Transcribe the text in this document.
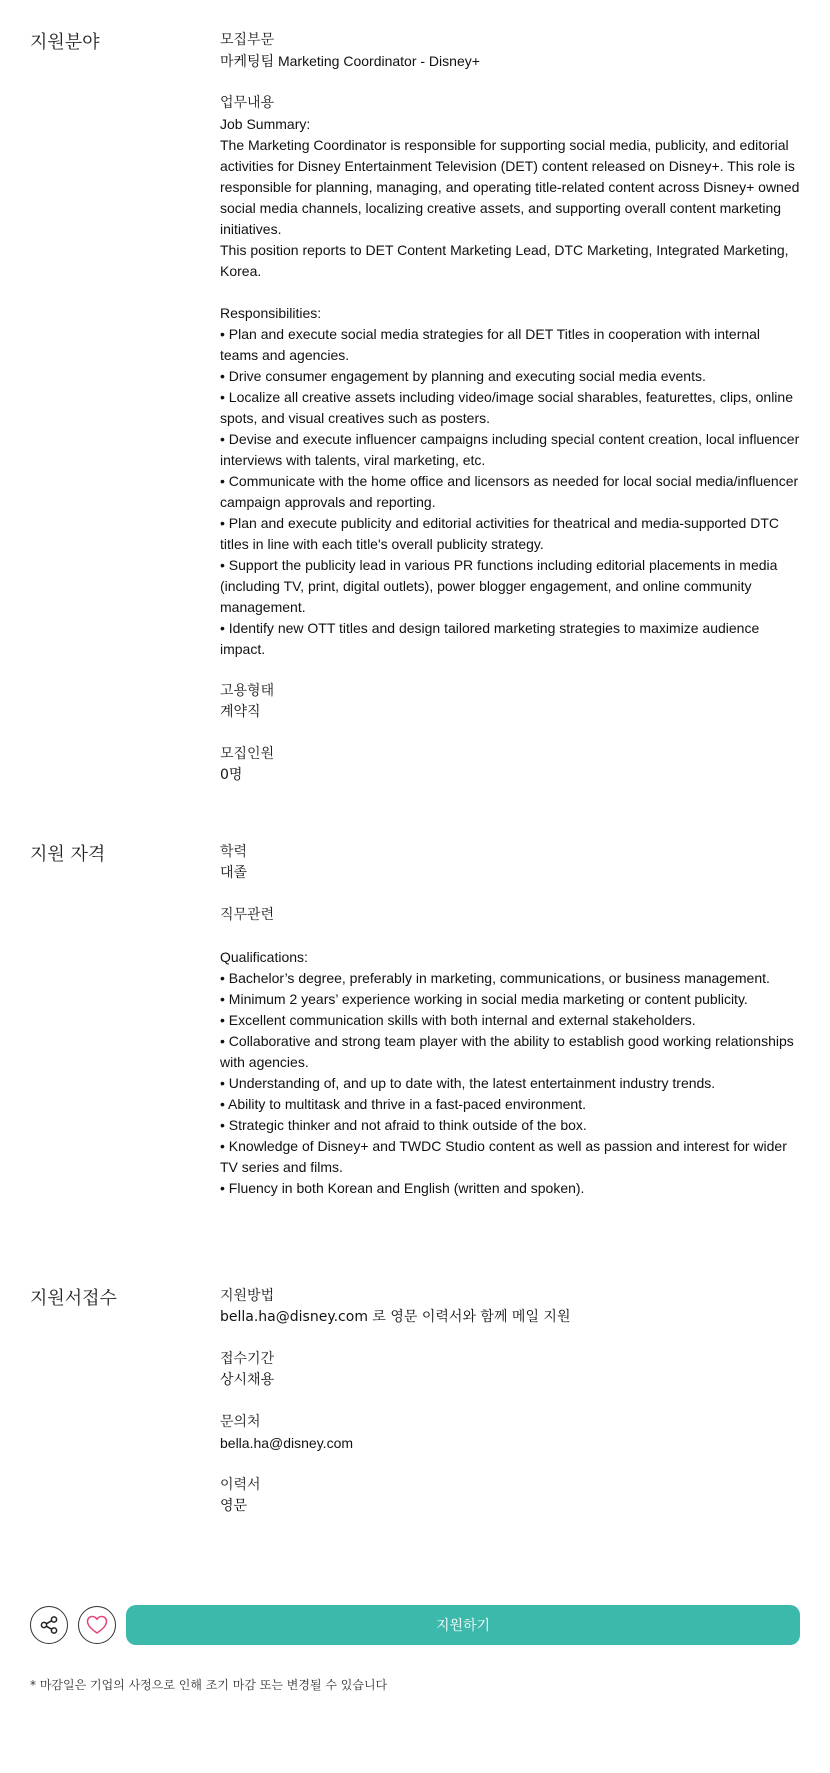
지원분야	모집부문
마케팅팀 Marketing Coordinator - Disney+
업무내용
Job Summary:
The Marketing Coordinator is responsible for supporting social media, publicity, and editorial activities for Disney Entertainment Television (DET) content released on Disney+. This role is responsible for planning, managing, and operating title-related content across Disney+ owned social media channels, localizing creative assets, and supporting overall content marketing initiatives.
This position reports to DET Content Marketing Lead, DTC Marketing, Integrated Marketing, Korea.
Responsibilities:
• Plan and execute social media strategies for all DET Titles in cooperation with internal teams and agencies.
• Drive consumer engagement by planning and executing social media events.
• Localize all creative assets including video/image social sharables, featurettes, clips, online spots, and visual creatives such as posters.
• Devise and execute influencer campaigns including special content creation, local influencer interviews with talents, viral marketing, etc.
• Communicate with the home office and licensors as needed for local social media/influencer campaign approvals and reporting.
• Plan and execute publicity and editorial activities for theatrical and media-supported DTC titles in line with each title's overall publicity strategy.
• Support the publicity lead in various PR functions including editorial placements in media (including TV, print, digital outlets), power blogger engagement, and online community management.
• Identify new OTT titles and design tailored marketing strategies to maximize audience impact.
고용형태
계약직
모집인원
0명
지원 자격	학력
대졸
직무관련
Qualifications:
• Bachelor’s degree, preferably in marketing, communications, or business management.
• Minimum 2 years’ experience working in social media marketing or content publicity.
• Excellent communication skills with both internal and external stakeholders.
• Collaborative and strong team player with the ability to establish good working relationships with agencies.
• Understanding of, and up to date with, the latest entertainment industry trends.
• Ability to multitask and thrive in a fast-paced environment.
• Strategic thinker and not afraid to think outside of the box.
• Knowledge of Disney+ and TWDC Studio content as well as passion and interest for wider TV series and films.
• Fluency in both Korean and English (written and spoken).
지원서접수	지원방법
bella.ha@disney.com 로 영문 이력서와 함께 메일 지원
접수기간
상시채용
문의처
bella.ha@disney.com
이력서
영문
지원하기
* 마감일은 기업의 사정으로 인해 조기 마감 또는 변경될 수 있습니다
